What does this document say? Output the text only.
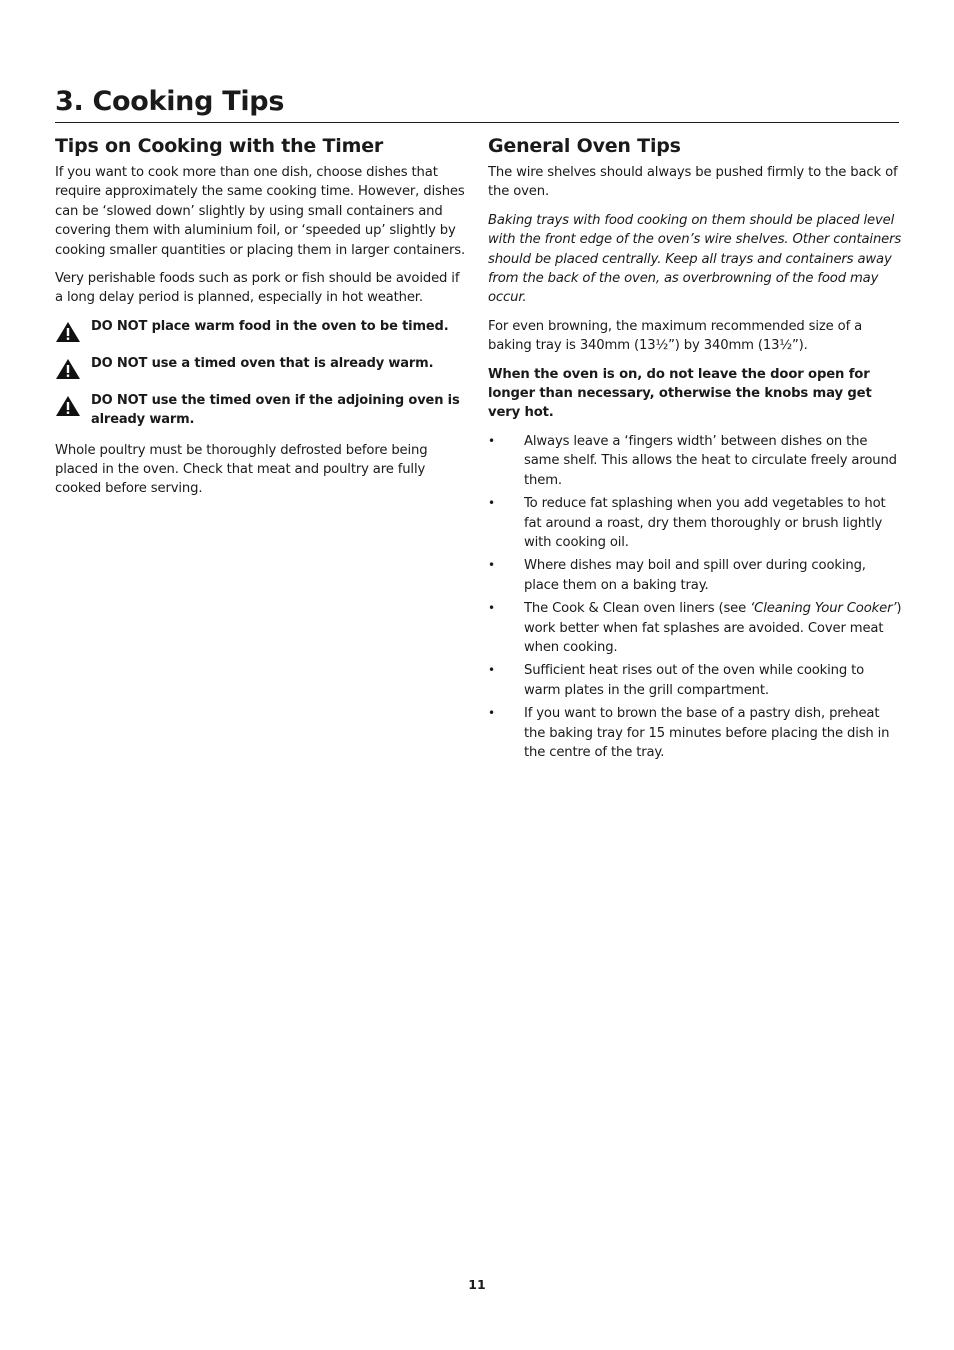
3. Cooking Tips
Tips on Cooking with the Timer

If you want to cook more than one dish, choose dishes that require approximately the same cooking time. However, dishes can be ‘slowed down’ slightly by using small containers and covering them with aluminium foil, or ‘speeded up’ slightly by cooking smaller quantities or placing them in larger containers.

Very perishable foods such as pork or fish should be avoided if a long delay period is planned, especially in hot weather.

DO NOT place warm food in the oven to be timed.

DO NOT use a timed oven that is already warm.

DO NOT use the timed oven if the adjoining oven is already warm.

Whole poultry must be thoroughly defrosted before being placed in the oven. Check that meat and poultry are fully cooked before serving.

General Oven Tips

The wire shelves should always be pushed firmly to the back of the oven.

Baking trays with food cooking on them should be placed level with the front edge of the oven’s wire shelves. Other containers should be placed centrally. Keep all trays and containers away from the back of the oven, as overbrowning of the food may occur.

For even browning, the maximum recommended size of a baking tray is 340mm (13½”) by 340mm (13½”).

When the oven is on, do not leave the door open for longer than necessary, otherwise the knobs may get very hot.

•	Always leave a ‘fingers width’ between dishes on the same shelf. This allows the heat to circulate freely around them.

•	To reduce fat splashing when you add vegetables to hot fat around a roast, dry them thoroughly or brush lightly with cooking oil.

•	Where dishes may boil and spill over during cooking, place them on a baking tray.

•	The Cook & Clean oven liners (see ‘Cleaning Your Cooker’) work better when fat splashes are avoided. Cover meat when cooking.

•	Sufficient heat rises out of the oven while cooking to warm plates in the grill compartment.

•	If you want to brown the base of a pastry dish, preheat the baking tray for 15 minutes before placing the dish in the centre of the tray.

11
